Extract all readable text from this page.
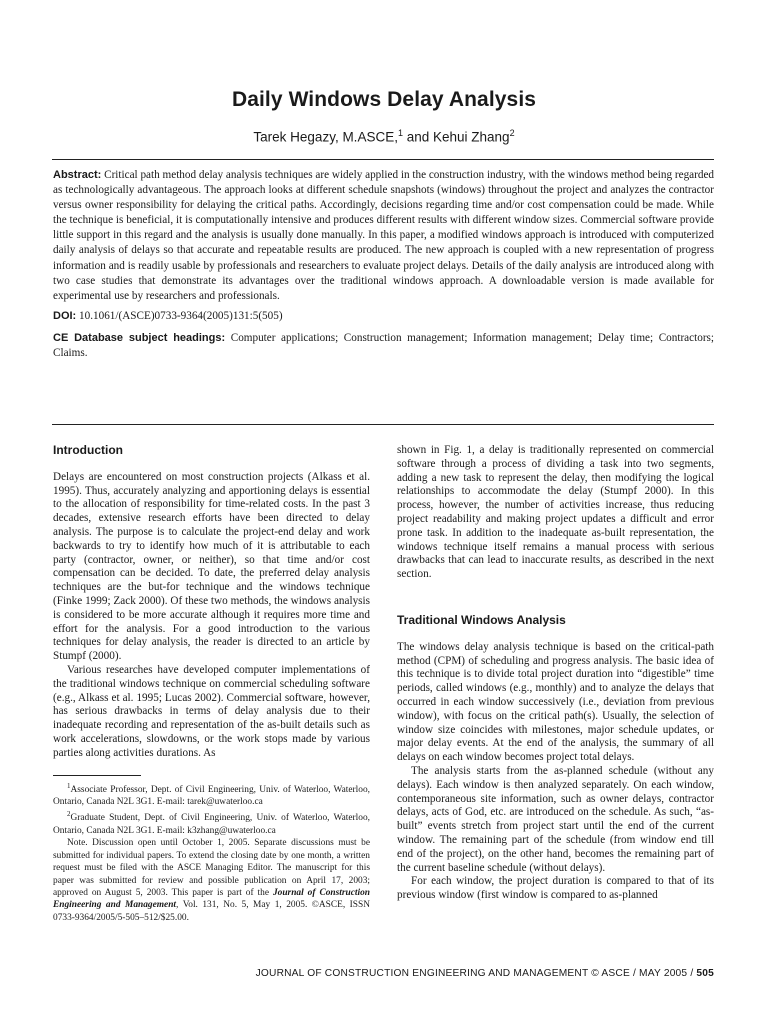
Daily Windows Delay Analysis
Tarek Hegazy, M.ASCE,$^1$ and Kehui Zhang$^2$

Abstract: Critical path method delay analysis techniques are widely applied in the construction industry, with the windows method being regarded as technologically advantageous. The approach looks at different schedule snapshots (windows) throughout the project and analyzes the contractor versus owner responsibility for delaying the critical paths. Accordingly, decisions regarding time and/or cost compensation could be made. While the technique is beneficial, it is computationally intensive and produces different results with different window sizes. Commercial software provide little support in this regard and the analysis is usually done manually. In this paper, a modified windows approach is introduced with computerized daily analysis of delays so that accurate and repeatable results are produced. The new approach is coupled with a new representation of progress information and is readily usable by professionals and researchers to evaluate project delays. Details of the daily analysis are introduced along with two case studies that demonstrate its advantages over the traditional windows approach. A downloadable version is made available for experimental use by researchers and professionals.

DOI: 10.1061/(ASCE)0733-9364(2005)131:5(505)

CE Database subject headings: Computer applications; Construction management; Information management; Delay time; Contractors; Claims.

Introduction

Delays are encountered on most construction projects (Alkass et al. 1995). Thus, accurately analyzing and apportioning delays is essential to the allocation of responsibility for time-related costs. In the past 3 decades, extensive research efforts have been directed to delay analysis. The purpose is to calculate the project-end delay and work backwards to try to identify how much of it is attributable to each party (contractor, owner, or neither), so that time and/or cost compensation can be decided. To date, the preferred delay analysis techniques are the but-for technique and the windows technique (Finke 1999; Zack 2000). Of these two methods, the windows analysis is considered to be more accurate although it requires more time and effort for the analysis. For a good introduction to the various techniques for delay analysis, the reader is directed to an article by Stumpf (2000).

Various researches have developed computer implementations of the traditional windows technique on commercial scheduling software (e.g., Alkass et al. 1995; Lucas 2002). Commercial software, however, has serious drawbacks in terms of delay analysis due to their inadequate recording and representation of the as-built details such as work accelerations, slowdowns, or the work stops made by various parties along activities durations. As

$^1$Associate Professor, Dept. of Civil Engineering, Univ. of Waterloo, Waterloo, Ontario, Canada N2L 3G1. E-mail: tarek@uwaterloo.ca

$^2$Graduate Student, Dept. of Civil Engineering, Univ. of Waterloo, Waterloo, Ontario, Canada N2L 3G1. E-mail: k3zhang@uwaterloo.ca

Note. Discussion open until October 1, 2005. Separate discussions must be submitted for individual papers. To extend the closing date by one month, a written request must be filed with the ASCE Managing Editor. The manuscript for this paper was submitted for review and possible publication on April 17, 2003; approved on August 5, 2003. This paper is part of the Journal of Construction Engineering and Management, Vol. 131, No. 5, May 1, 2005. ©ASCE, ISSN 0733-9364/2005/5-505–512/$25.00.

shown in Fig. 1, a delay is traditionally represented on commercial software through a process of dividing a task into two segments, adding a new task to represent the delay, then modifying the logical relationships to accommodate the delay (Stumpf 2000). In this process, however, the number of activities increase, thus reducing project readability and making project updates a difficult and error prone task. In addition to the inadequate as-built representation, the windows technique itself remains a manual process with serious drawbacks that can lead to inaccurate results, as described in the next section.

Traditional Windows Analysis

The windows delay analysis technique is based on the critical-path method (CPM) of scheduling and progress analysis. The basic idea of this technique is to divide total project duration into “digestible” time periods, called windows (e.g., monthly) and to analyze the delays that occurred in each window successively (i.e., deviation from previous window), with focus on the critical path(s). Usually, the selection of window size coincides with milestones, major schedule updates, or major delay events. At the end of the analysis, the summary of all delays on each window becomes project total delays.

The analysis starts from the as-planned schedule (without any delays). Each window is then analyzed separately. On each window, contemporaneous site information, such as owner delays, contractor delays, acts of God, etc. are introduced on the schedule. As such, “as-built” events stretch from project start until the end of the current window. The remaining part of the schedule (from window end till end of the project), on the other hand, becomes the remaining part of the current baseline schedule (without delays).

For each window, the project duration is compared to that of its previous window (first window is compared to as-planned

JOURNAL OF CONSTRUCTION ENGINEERING AND MANAGEMENT © ASCE / MAY 2005 / 505
